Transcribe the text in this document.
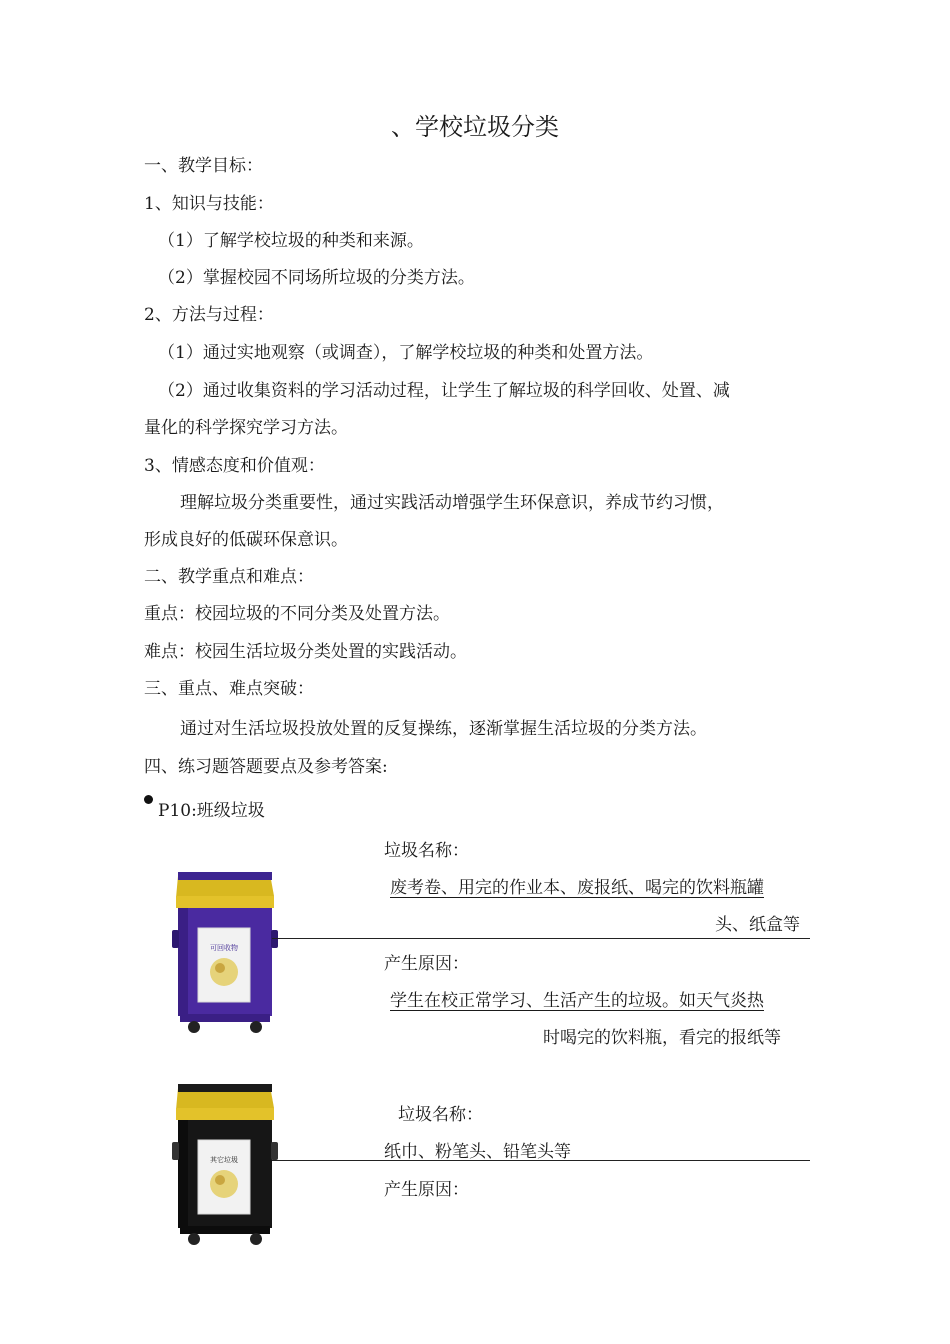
、学校垃圾分类
一、教学目标：
1、知识与技能：
（1）了解学校垃圾的种类和来源。
（2）掌握校园不同场所垃圾的分类方法。
2、方法与过程：
（1）通过实地观察（或调查），了解学校垃圾的种类和处置方法。
（2）通过收集资料的学习活动过程，让学生了解垃圾的科学回收、处置、减
量化的科学探究学习方法。
3、情感态度和价值观：
理解垃圾分类重要性，通过实践活动增强学生环保意识，养成节约习惯，
形成良好的低碳环保意识。
二、教学重点和难点：
重点：校园垃圾的不同分类及处置方法。
难点：校园生活垃圾分类处置的实践活动。
三、重点、难点突破：
通过对生活垃圾投放处置的反复操练，逐渐掌握生活垃圾的分类方法。
四、练习题答题要点及参考答案:
P10:班级垃圾
可回收物
垃圾名称：
废考卷、用完的作业本、废报纸、喝完的饮料瓶罐
头、纸盒等
产生原因：
学生在校正常学习、生活产生的垃圾。如天气炎热
时喝完的饮料瓶，看完的报纸等
其它垃圾
垃圾名称：
纸巾、粉笔头、铅笔头等
产生原因：
